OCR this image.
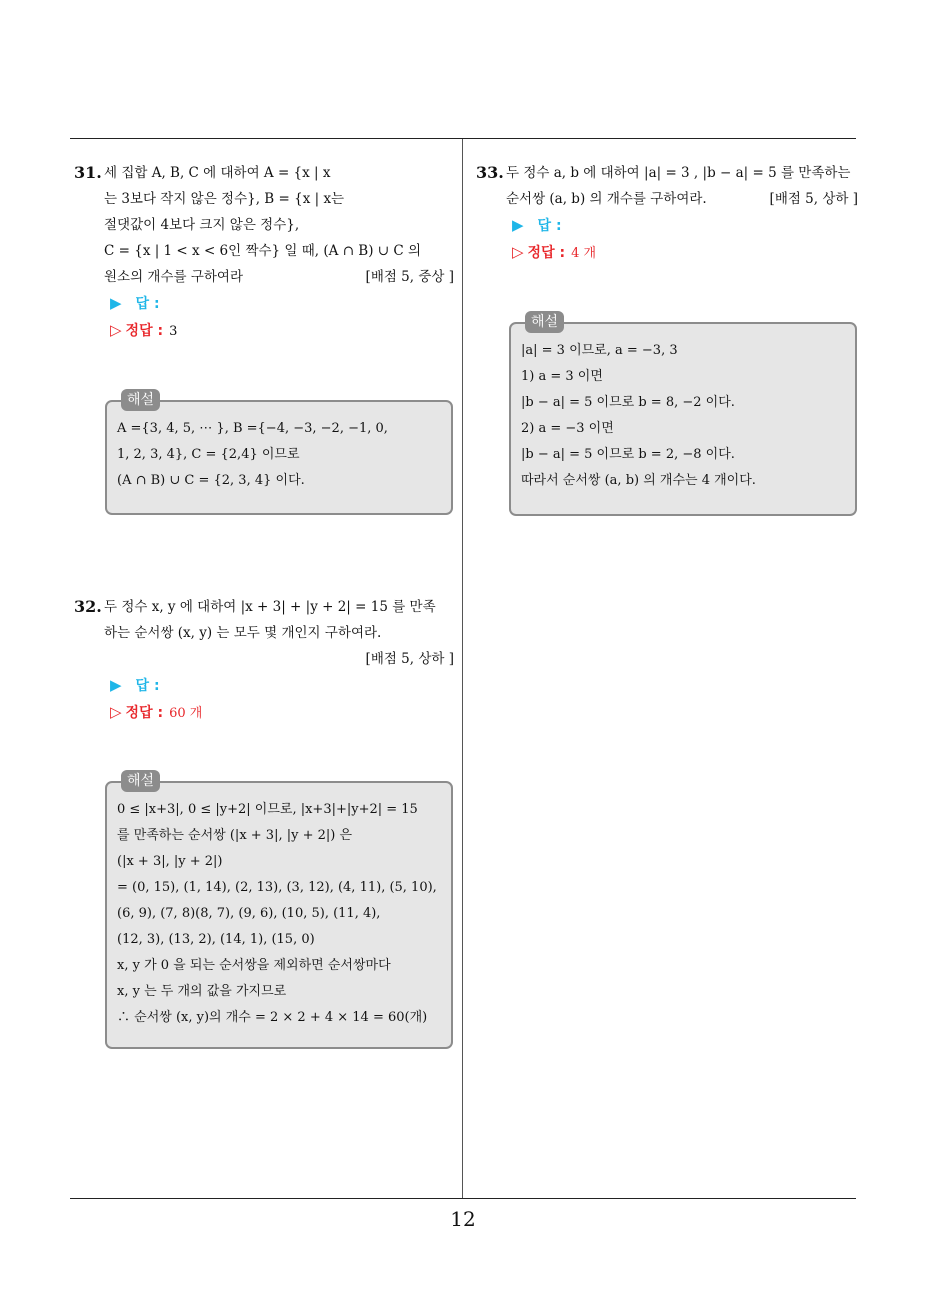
31. 세 집합 A, B, C 에 대하여 A = {x | x
는 3보다 작지 않은 정수}, B = {x | x는
절댓값이 4보다 크지 않은 정수},
C = {x | 1 < x < 6인 짝수} 일 때, (A ∩ B) ∪ C 의
원소의 개수를 구하여라	[배점 5, 중상 ]
▶ 답 :
▷ 정답 : 3
해설
A ={3, 4, 5, ⋯ }, B ={−4, −3, −2, −1, 0,
1, 2, 3, 4}, C = {2,4} 이므로
(A ∩ B) ∪ C = {2, 3, 4} 이다.
32. 두 정수 x, y 에 대하여 |x + 3| + |y + 2| = 15 를 만족
하는 순서쌍 (x, y) 는 모두 몇 개인지 구하여라.
[배점 5, 상하 ]
▶ 답 :
▷ 정답 : 60 개
해설
0 ≤ |x+3|, 0 ≤ |y+2| 이므로, |x+3|+|y+2| = 15
를 만족하는 순서쌍 (|x + 3|, |y + 2|) 은
(|x + 3|, |y + 2|)
= (0, 15), (1, 14), (2, 13), (3, 12), (4, 11), (5, 10),
(6, 9), (7, 8)(8, 7), (9, 6), (10, 5), (11, 4),
(12, 3), (13, 2), (14, 1), (15, 0)
x, y 가 0 을 되는 순서쌍을 제외하면 순서쌍마다
x, y 는 두 개의 값을 가지므로
∴ 순서쌍 (x, y)의 개수 = 2 × 2 + 4 × 14 = 60(개)
33. 두 정수 a, b 에 대하여 |a| = 3 , |b − a| = 5 를 만족하는
순서쌍 (a, b) 의 개수를 구하여라.	[배점 5, 상하 ]
▶ 답 :
▷ 정답 : 4 개
해설
|a| = 3 이므로, a = −3, 3
1) a = 3 이면
|b − a| = 5 이므로 b = 8, −2 이다.
2) a = −3 이면
|b − a| = 5 이므로 b = 2, −8 이다.
따라서 순서쌍 (a, b) 의 개수는 4 개이다.
12
